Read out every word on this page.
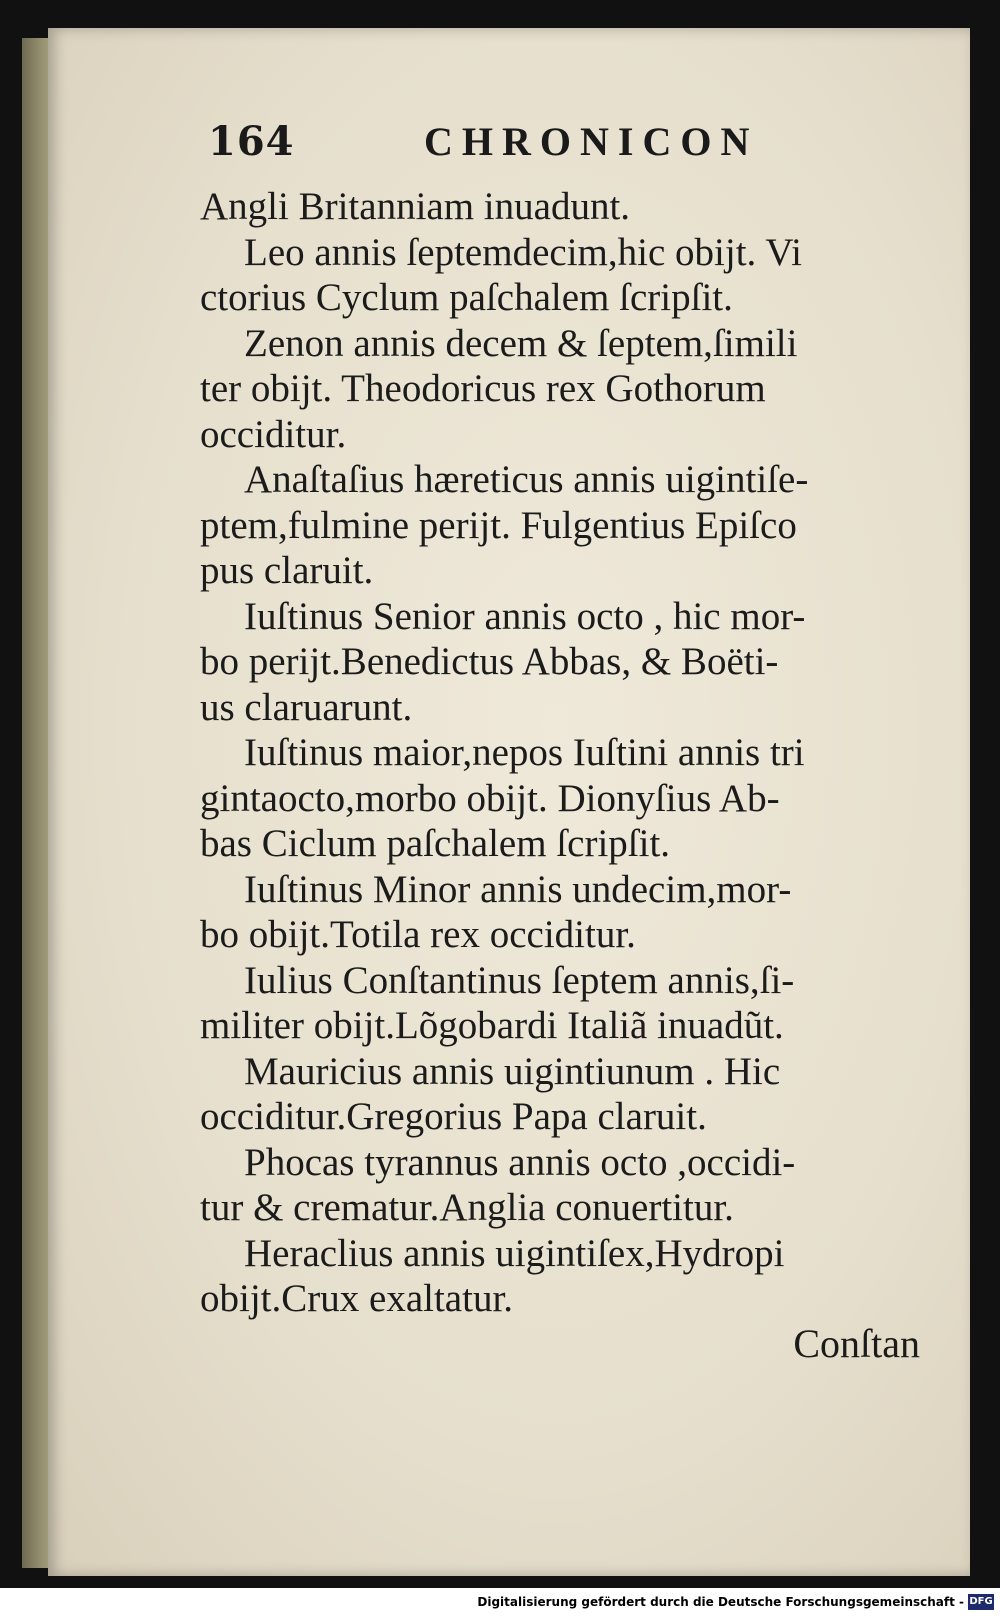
164	CHRONICON
Angli Britanniam inuadunt.
Leo annis ſeptemdecim,hic obijt. Vi
ctorius Cyclum paſchalem ſcripſit.
Zenon annis decem & ſeptem,ſimili
ter obijt. Theodoricus rex Gothorum
occiditur.
Anaſtaſius hæreticus annis uigintiſe-
ptem,fulmine perijt. Fulgentius Epiſco
pus claruit.
Iuſtinus Senior annis octo , hic mor-
bo perijt.Benedictus Abbas, & Boëti-
us claruarunt.
Iuſtinus maior,nepos Iuſtini annis tri
gintaocto,morbo obijt. Dionyſius Ab-
bas Ciclum paſchalem ſcripſit.
Iuſtinus Minor annis undecim,mor-
bo obijt.Totila rex occiditur.
Iulius Conſtantinus ſeptem annis,ſi-
militer obijt.Lõgobardi Italiã inuadũt.
Mauricius annis uigintiunum . Hic
occiditur.Gregorius Papa claruit.
Phocas tyrannus annis octo ,occidi-
tur & crematur.Anglia conuertitur.
Heraclius annis uigintiſex,Hydropi
obijt.Crux exaltatur.
Conſtan
Digitalisierung gefördert durch die Deutsche Forschungsgemeinschaft - DFG
